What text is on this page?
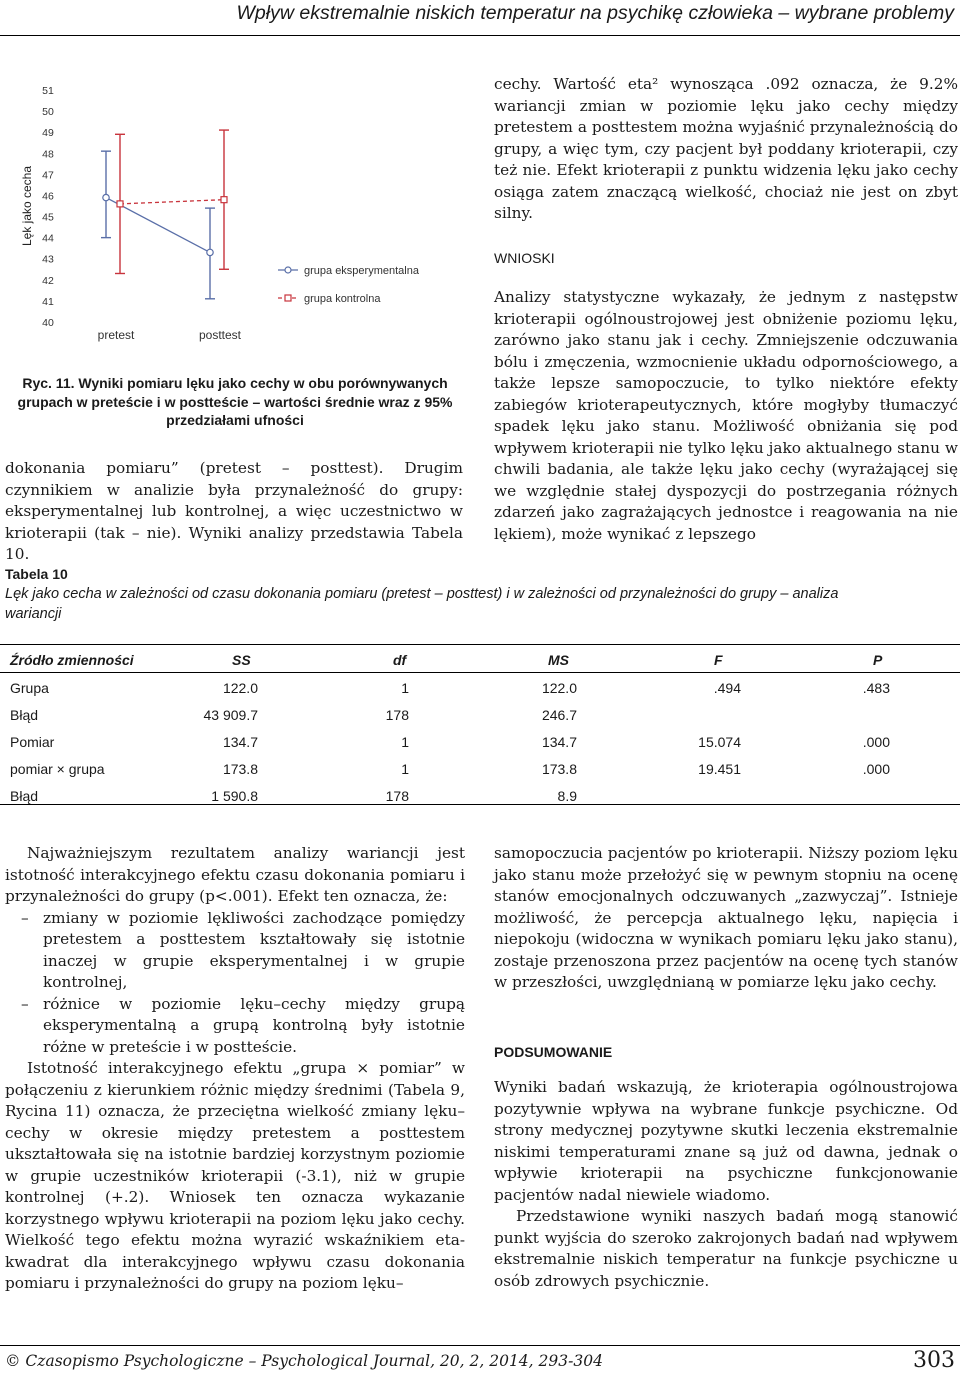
Wpływ ekstremalnie niskich temperatur na psychikę człowieka – wybrane problemy
Lęk jako cecha
51
50
49
48
47
46
45
44
43
42
41
40
pretest	posttest
grupa eksperymentalna
grupa kontrolna
Ryc. 11. Wyniki pomiaru lęku jako cechy w obu porównywanych grupach w preteście i w postteście – wartości średnie wraz z 95% przedziałami ufności
dokonania pomiaru” (pretest – posttest). Drugim czynnikiem w analizie była przynależność do grupy: eksperymentalnej lub kontrolnej, a więc uczestnictwo w krioterapii (tak – nie). Wyniki analizy przedstawia Tabela 10.
cechy. Wartość eta² wynosząca .092 oznacza, że 9.2% wariancji zmian w poziomie lęku jako cechy między pretestem a posttestem można wyjaśnić przynależnością do grupy, a więc tym, czy pacjent był poddany krioterapii, czy też nie. Efekt krioterapii z punktu widzenia lęku jako cechy osiąga zatem znaczącą wielkość, chociaż nie jest on zbyt silny.
WNIOSKI
Analizy statystyczne wykazały, że jednym z następstw krioterapii ogólnoustrojowej jest obniżenie poziomu lęku, zarówno jako stanu jak i cechy. Zmniejszenie odczuwania bólu i zmęczenia, wzmocnienie układu odpornościowego, a także lepsze samopoczucie, to tylko niektóre efekty zabiegów krioterapeutycznych, które mogłyby tłumaczyć spadek lęku jako stanu. Możliwość obniżania się pod wpływem krioterapii nie tylko lęku jako aktualnego stanu w chwili badania, ale także lęku jako cechy (wyrażającej się we względnie stałej dyspozycji do postrzegania różnych zdarzeń jako zagrażających jednostce i reagowania na nie lękiem), może wynikać z lepszego
Tabela 10
Lęk jako cecha w zależności od czasu dokonania pomiaru (pretest – posttest) i w zależności od przynależności do grupy – analiza wariancji
Źródło zmienności	SS	df	MS	F	P
Grupa	122.0	1	122.0	.494	.483
Błąd	43 909.7	178	246.7
Pomiar	134.7	1	134.7	15.074	.000
pomiar × grupa	173.8	1	173.8	19.451	.000
Błąd	1 590.8	178	8.9

Najważniejszym rezultatem analizy wariancji jest istotność interakcyjnego efektu czasu dokonania pomiaru i przynależności do grupy (p<.001). Efekt ten oznacza, że:

– zmiany w poziomie lękliwości zachodzące pomiędzy pretestem a posttestem kształtowały się istotnie inaczej w grupie eksperymentalnej i w grupie kontrolnej,

– różnice w poziomie lęku–cechy między grupą eksperymentalną a grupą kontrolną były istotnie różne w preteście i w postteście.

Istotność interakcyjnego efektu „grupa × pomiar” w połączeniu z kierunkiem różnic między średnimi (Tabela 9, Rycina 11) oznacza, że przeciętna wielkość zmiany lęku–cechy w okresie między pretestem a posttestem ukształtowała się na istotnie bardziej korzystnym poziomie w grupie uczestników krioterapii (-3.1), niż w grupie kontrolnej (+.2). Wniosek ten oznacza wykazanie korzystnego wpływu krioterapii na poziom lęku jako cechy. Wielkość tego efektu można wyrazić wskaźnikiem eta-kwadrat dla interakcyjnego wpływu czasu dokonania pomiaru i przynależności do grupy na poziom lęku–

samopoczucia pacjentów po krioterapii. Niższy poziom lęku jako stanu może przełożyć się w pewnym stopniu na ocenę stanów emocjonalnych odczuwanych „zazwyczaj”. Istnieje możliwość, że percepcja aktualnego lęku, napięcia i niepokoju (widoczna w wynikach pomiaru lęku jako stanu), zostaje przenoszona przez pacjentów na ocenę tych stanów w przeszłości, uwzględnianą w pomiarze lęku jako cechy.
PODSUMOWANIE

Wyniki badań wskazują, że krioterapia ogólnoustrojowa pozytywnie wpływa na wybrane funkcje psychiczne. Od strony medycznej pozytywne skutki leczenia ekstremalnie niskimi temperaturami znane są już od dawna, jednak o wpływie krioterapii na psychiczne funkcjonowanie pacjentów nadal niewiele wiadomo.

Przedstawione wyniki naszych badań mogą stanowić punkt wyjścia do szeroko zakrojonych badań nad wpływem ekstremalnie niskich temperatur na funkcje psychiczne u osób zdrowych psychicznie.

© Czasopismo Psychologiczne – Psychological Journal, 20, 2, 2014, 293-304	303
